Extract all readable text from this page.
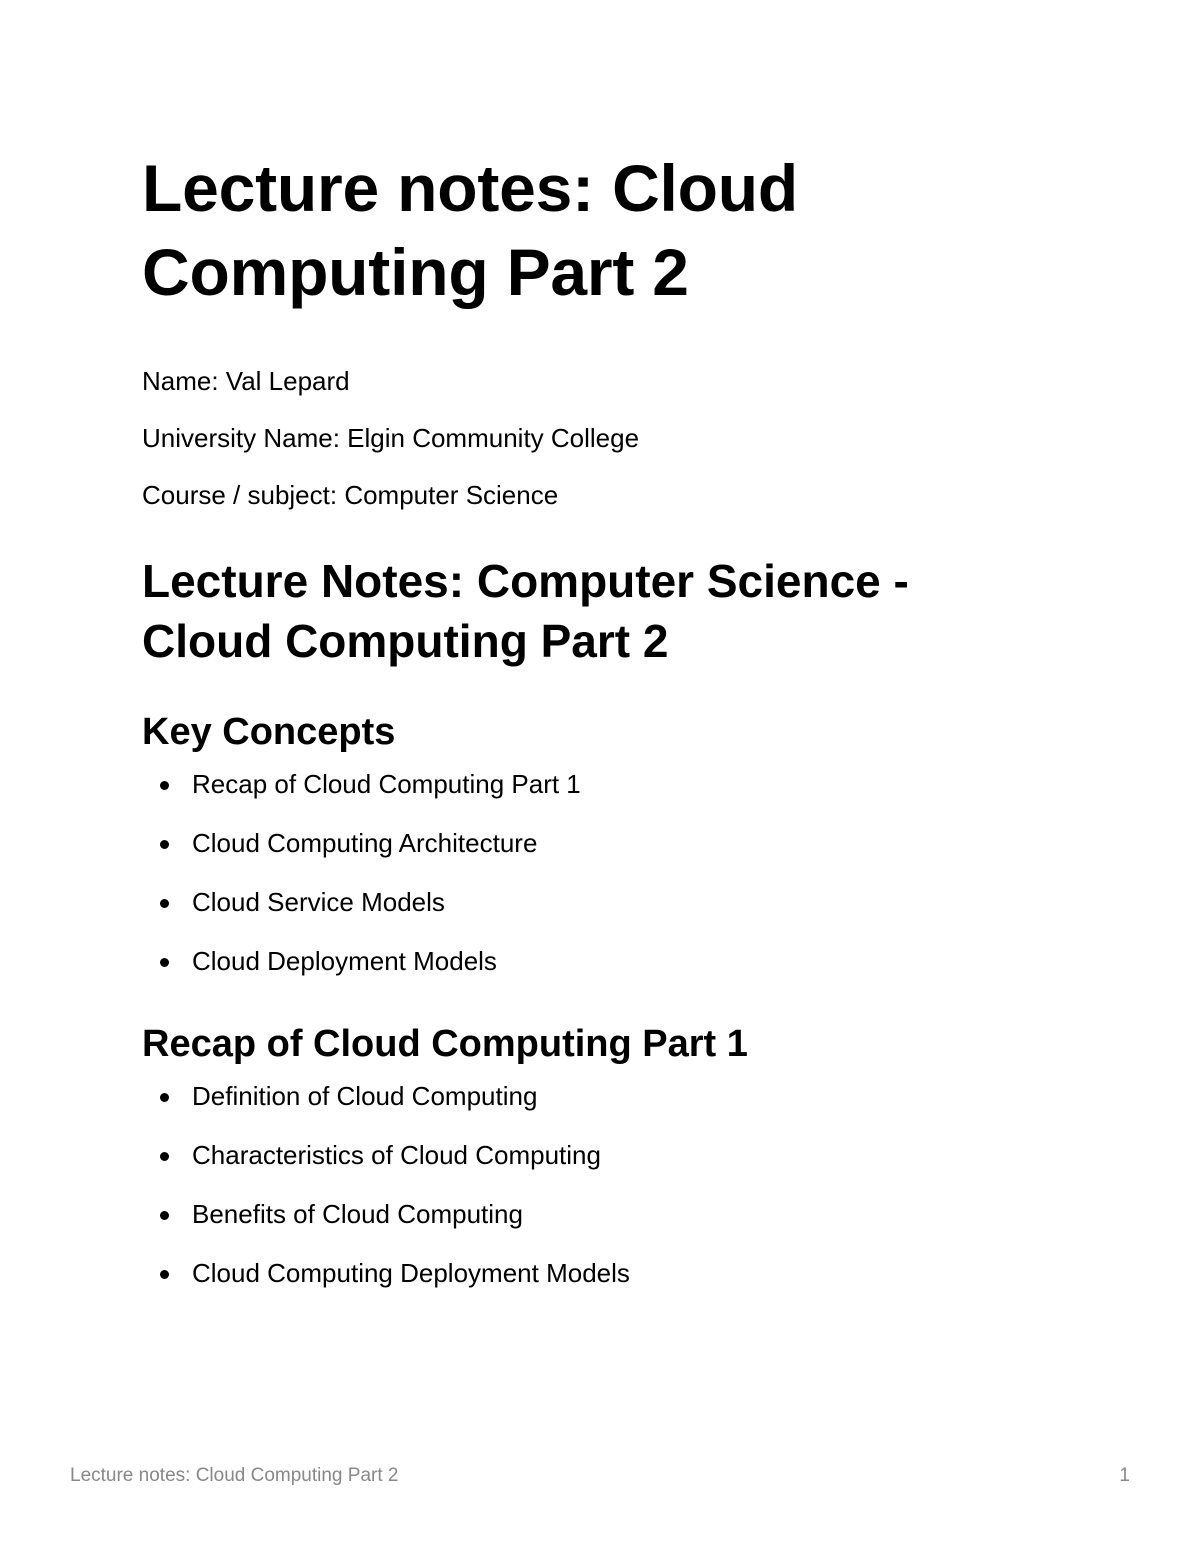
Lecture notes: Cloud Computing Part 2

Name: Val Lepard

University Name: Elgin Community College

Course / subject: Computer Science

Lecture Notes: Computer Science - Cloud Computing Part 2
Key Concepts
Recap of Cloud Computing Part 1
Cloud Computing Architecture
Cloud Service Models
Cloud Deployment Models
Recap of Cloud Computing Part 1
Definition of Cloud Computing
Characteristics of Cloud Computing
Benefits of Cloud Computing
Cloud Computing Deployment Models
Lecture notes: Cloud Computing Part 2	1
